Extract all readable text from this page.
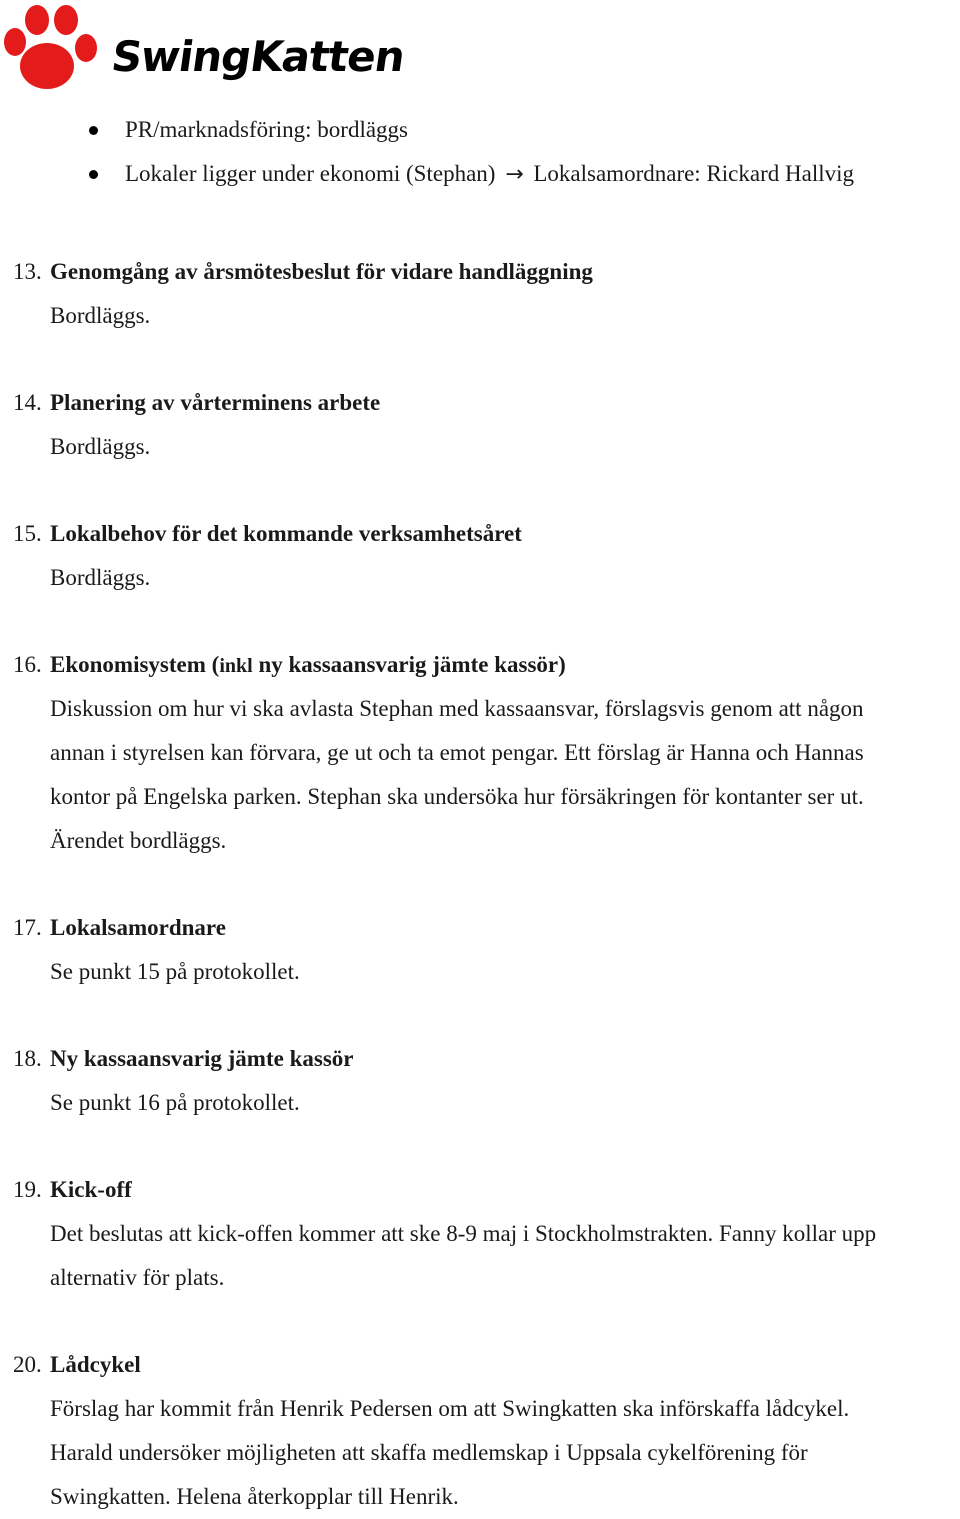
SwingKatten
PR/marknadsföring: bordläggs
Lokaler ligger under ekonomi (Stephan) → Lokalsamordnare: Rickard Hallvig
13. Genomgång av årsmötesbeslut för vidare handläggning

Bordläggs.

14. Planering av vårterminens arbete

Bordläggs.

15. Lokalbehov för det kommande verksamhetsåret

Bordläggs.

16. Ekonomisystem (inkl ny kassaansvarig jämte kassör)

Diskussion om hur vi ska avlasta Stephan med kassaansvar, förslagsvis genom att någon

annan i styrelsen kan förvara, ge ut och ta emot pengar. Ett förslag är Hanna och Hannas

kontor på Engelska parken. Stephan ska undersöka hur försäkringen för kontanter ser ut.

Ärendet bordläggs.

17. Lokalsamordnare

Se punkt 15 på protokollet.

18. Ny kassaansvarig jämte kassör

Se punkt 16 på protokollet.

19. Kick-off

Det beslutas att kick-offen kommer att ske 8-9 maj i Stockholmstrakten. Fanny kollar upp

alternativ för plats.

20. Lådcykel

Förslag har kommit från Henrik Pedersen om att Swingkatten ska införskaffa lådcykel.

Harald undersöker möjligheten att skaffa medlemskap i Uppsala cykelförening för

Swingkatten. Helena återkopplar till Henrik.
